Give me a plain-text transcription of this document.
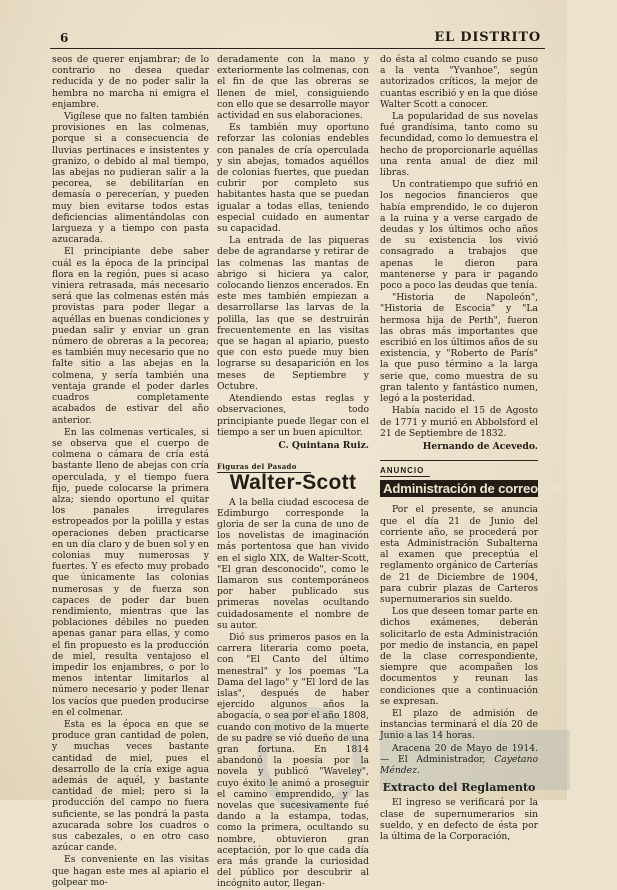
6	EL DISTRITO

seos de querer enjambrar; de lo contrario no desea quedar reducida y de no poder salir la hembra no marcha ni emigra el enjambre.

Vigílese que no falten también provisiones en las colmenas, porque si a consecuencia de lluvias pertinaces e insistentes y granizo, o debido al mal tiempo, las abejas no pudieran salir a la pecorea, se debilitarían en demasía o perecerían, y pueden muy bien evitarse todos estas deficiencias alimentándolas con largueza y a tiempo con pasta azucarada.

El principiante debe saber cuál es la época de la principal flora en la región, pues si acaso viniera retrasada, más necesario será que las colmenas estén más provistas para poder llegar a aquéllas en buenas condiciones y puedan salir y enviar un gran número de obreras a la pecorea; es también muy necesario que no falte sitio a las abejas en la colmena, y sería también una ventaja grande el poder darles cuadros completamente acabados de estivar del año anterior.

En las colmenas verticales, si se observa que el cuerpo de colmena o cámara de cría está bastante lleno de abejas con cría operculada, y el tiempo fuera fijo, puede colocarse la primera alza; siendo oportuno el quitar los panales irregulares estropeados por la polilla y estas operaciones deben practicarse en un día claro y de buen sol y en colonias muy numerosas y fuertes. Y es efecto muy probado que únicamente las colonias numerosas y de fuerza son capaces de poder dar buen rendimiento, mientras que las poblaciones débiles no pueden apenas ganar para ellas, y como el fin propuesto es la producción de miel, resulta ventajoso el impedir los enjambres, o por lo menos intentar limitarlos al número necesario y poder llenar los vacíos que pueden producirse en el colmenar.

Esta es la época en que se produce gran cantidad de polen, y muchas veces bastante cantidad de miel, pues el desarrollo de la cría exige agua además de aquél, y bastante cantidad de miel; pero si la producción del campo no fuera suficiente, se las pondrá la pasta azucarada sobre los cuadros o sus cabezales, o en otro caso azúcar cande.

Es conveniente en las visitas que hagan este mes al apiario el golpear mo-

deradamente con la mano y exteriormente las colmenas, con el fin de que las obreras se llenen de miel, consiguiendo con ello que se desarrolle mayor actividad en sus elaboraciones.

Es también muy oportuno reforzar las colonias endebles con panales de cría operculada y sin abejas, tomados aquéllos de colonias fuertes, que puedan cubrir por completo sus habitantes hasta que se puedan igualar a todas ellas, teniendo especial cuidado en aumentar su capacidad.

La entrada de las piqueras debe de agrandarse y retirar de las colmenas las mantas de abrigo si hiciera ya calor, colocando lienzos encerados. En este mes también empiezan a desarrollarse las larvas de la polilla, las que se destruirán frecuentemente en las visitas que se hagan al apiario, puesto que con esto puede muy bien lograrse su desaparición en los meses de Septiembre y Octubre.

Atendiendo estas reglas y observaciones, todo principiante puede llegar con el tiempo a ser un buen apicultor.

C. Quintana Ruiz.

Figuras del Pasado
Walter-Scott

A la bella ciudad escocesa de Edimburgo corresponde la gloria de ser la cuna de uno de los novelistas de imaginación más portentosa que han vivido en el siglo XIX, de Walter-Scott, "El gran desconocido", como le llamaron sus contemporáneos por haber publicado sus primeras novelas ocultando cuidadosamente el nombre de su autor.

Dió sus primeros pasos en la carrera literaria como poeta, con "El Canto del último menestral" y los poemas "La Dama del lago" y "El lord de las islas", después de haber ejercido algunos años la abogacía, o sea por el año 1808, cuando con motivo de la muerte de su padre se vió dueño de una gran fortuna. En 1814 abandonó la poesía por la novela y publicó "Waveley", cuyo éxito le animó a proseguir el camino emprendido, y las novelas que sucesivamente fué dando a la estampa, todas, como la primera, ocultando su nombre, obtuvieron gran aceptación, por lo que cada día era más grande la curiosidad del público por descubrir al incógnito autor, llegan-

do ésta al colmo cuando se puso a la venta "Yvanhoe", según autorizados críticos, la mejor de cuantas escribió y en la que dióse Walter Scott a conocer.

La popularidad de sus novelas fué grandísima, tanto como su fecundidad, como lo demuestra el hecho de proporcionarle aquéllas una renta anual de diez mil libras.

Un contratiempo que sufrió en los negocios financieros que había emprendido, le co dujeron a la ruina y a verse cargado de deudas y los últimos ocho años de su existencia los vivió consagrado a trabajos que apenas le dieron para mantenerse y para ir pagando poco a poco las deudas que tenía.

"Historia de Napoleón", "Historia de Escocia" y "La hermosa hija de Perth", fueron las obras más importantes que escribió en los últimos años de su existencia, y "Roberto de París" la que puso término a la larga serie que, como muestra de su gran talento y fantástico numen, legó a la posteridad.

Había nacido el 15 de Agosto de 1771 y murió en Abbolsford el 21 de Septiembre de 1832.

Hernando de Acevedo.

ANUNCIO
Administración de correos de Aracena

Por el presente, se anuncia que el día 21 de Junio del corriente año, se procederá por esta Administración Subalterna al examen que preceptúa el reglamento orgánico de Carterías de 21 de Diciembre de 1904, para cubrir plazas de Carteros supernumerarios sin sueldo.

Los que deseen tomar parte en dichos exámenes, deberán solicitarlo de esta Administración por medio de instancia, en papel de la clase correspondiente, siempre que acompañen los documentos y reunan las condiciones que a continuación se expresan.

El plazo de admisión de instancias terminará el día 20 de Junio a las 14 horas.

Aracena 20 de Mayo de 1914.— El Administrador, Cayetano Méndez.

Extracto del Reglamento

El ingreso se verificará por la clase de supernumerarios sin sueldo, y en defecto de ésta por la última de la Corporación,
